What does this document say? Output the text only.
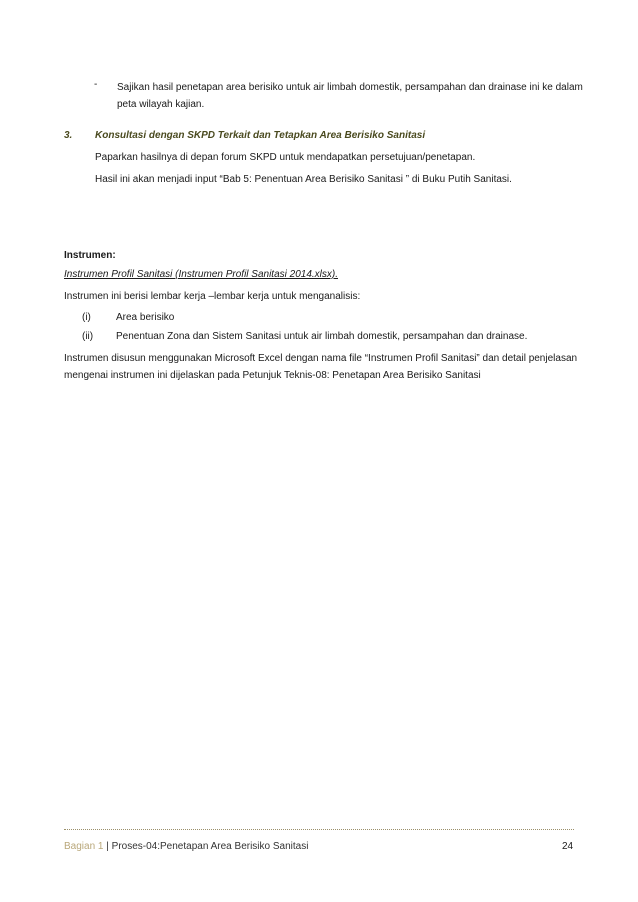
- Sajikan hasil penetapan area berisiko untuk air limbah domestik, persampahan dan drainase ini ke dalam
peta wilayah kajian.
3. Konsultasi dengan SKPD Terkait dan Tetapkan Area Berisiko Sanitasi
Paparkan hasilnya di depan forum SKPD untuk mendapatkan persetujuan/penetapan.
Hasil ini akan menjadi input “Bab 5: Penentuan Area Berisiko Sanitasi ” di Buku Putih Sanitasi.
Instrumen:
Instrumen Profil Sanitasi (Instrumen Profil Sanitasi 2014.xlsx).
Instrumen ini berisi lembar kerja –lembar kerja untuk menganalisis:
(i)	Area berisiko
(ii) Penentuan Zona dan Sistem Sanitasi untuk air limbah domestik, persampahan dan drainase.
Instrumen disusun menggunakan Microsoft Excel dengan nama file “Instrumen Profil Sanitasi” dan detail penjelasan
mengenai instrumen ini dijelaskan pada Petunjuk Teknis-08: Penetapan Area Berisiko Sanitasi
Bagian 1 | Proses-04:Penetapan Area Berisiko Sanitasi	24
